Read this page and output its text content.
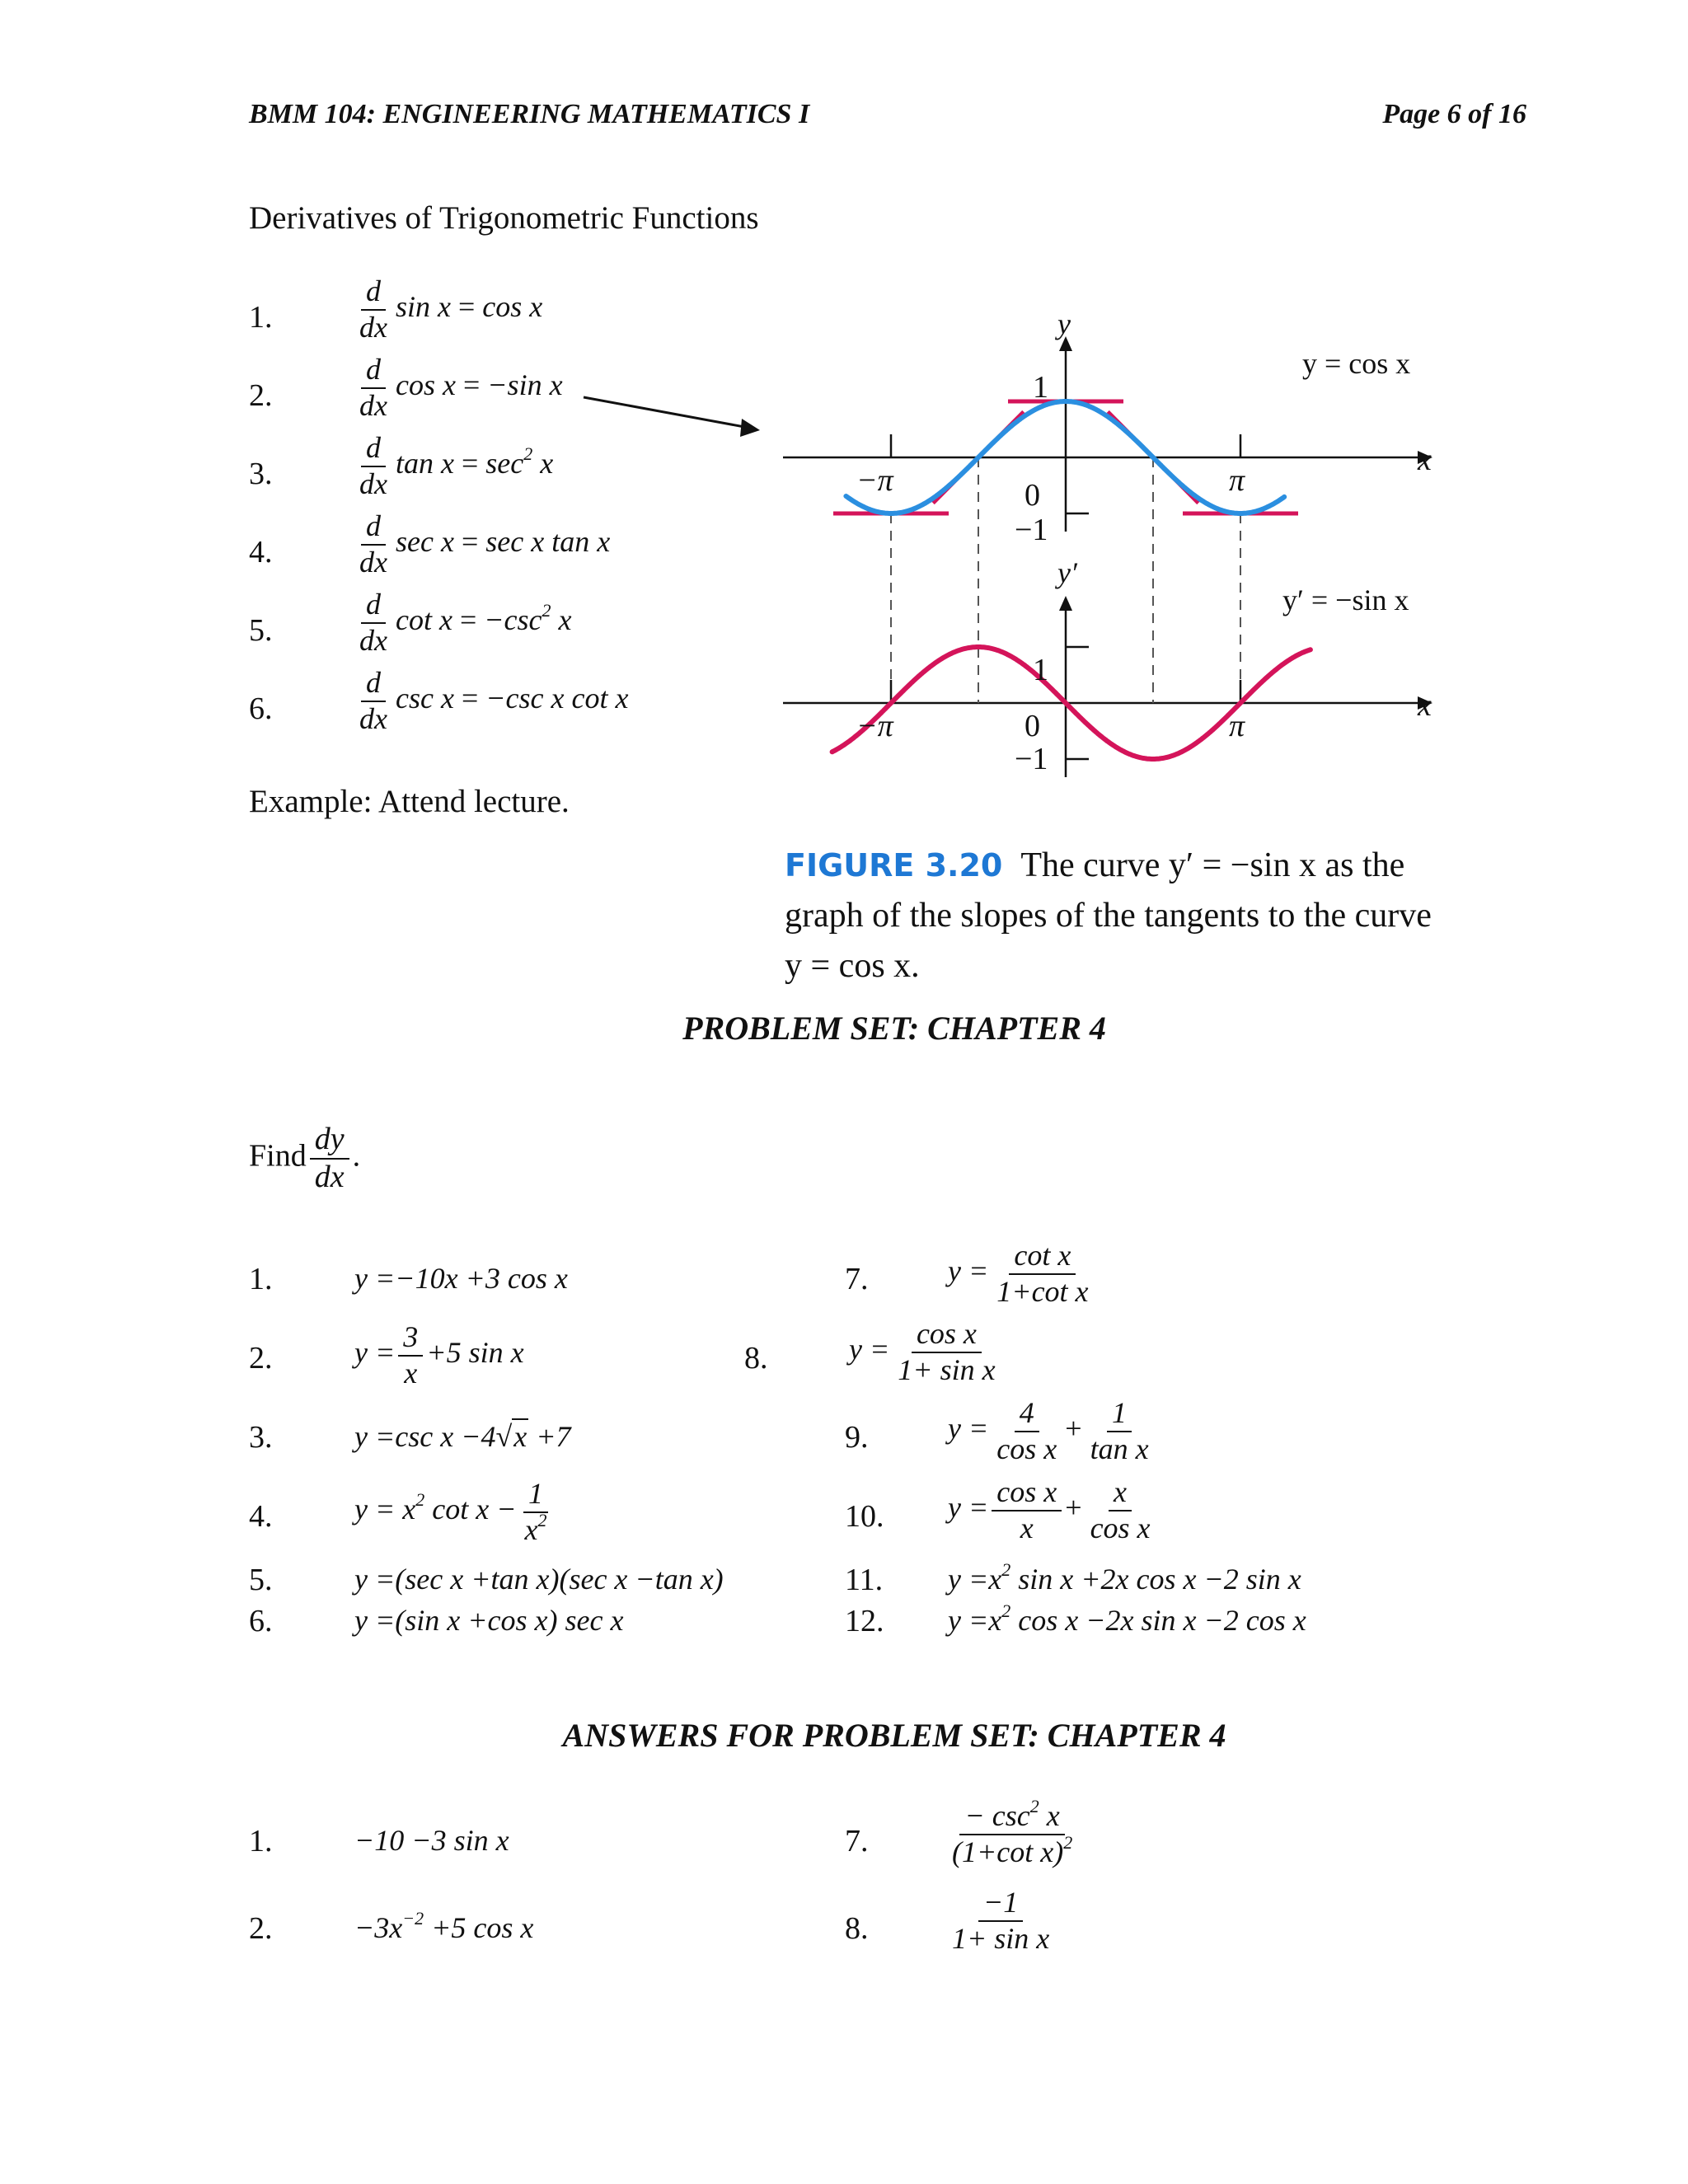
BMM 104: ENGINEERING MATHEMATICS I	Page 6 of 16
Derivatives of Trigonometric Functions
1.	$\frac{d}{dx}$ sin x = cos x
2.	$\frac{d}{dx}$ cos x = −sin x
3.	$\frac{d}{dx}$ $\tan x = \sec^2 x$
4.	$\frac{d}{dx}$ sec x = sec x tan x
5.	$\frac{d}{dx}$ $\cot x = -\csc^2$ x
6.	$\frac{d}{dx}$ csc x = −csc x cot x
Example: Attend lecture.
y
1
0
−1
−π	π
y = cos x
x
y′
1
0
−1
−π	π
y′ = −sin x
x
FIGURE 3.20 The curve y′ = −sin x as the graph of the slopes of the tangents to the curve y = cos x.
PROBLEM SET: CHAPTER 4
Find $\frac{dy}{dx}$ .
1.	y =−10x +3 cos x
2.	$y = \frac{3}{x} +5$ sin x
3.	y =csc x −4√x +7
4.	$y = x^2$ $\cot x - \frac{1}{x^2}$
5.	y =(sec x +tan x)(sec x −tan x)
6.	y =(sin x +cos x) sec x
7.	$y = \frac{\text{cot x}}{\text{1+cot x}}$
8.	$y = \frac{\text{cos x}}{\text{1+ sin x}}$
9.	$y = \frac{4}{\text{cos x}} + \frac{1}{\text{tan x}}$
10. $y = \frac{\text{cos x}}{x} + \frac{x}{\text{cos x}}$
11. $y =x^2$ sin x +2x cos x −2 sin x
12. $y =x^2$ cos x −2x sin x −2 cos x
ANSWERS FOR PROBLEM SET: CHAPTER 4
1.	−10 −3 sin x
2.	$-3x^{-2} +5$ cos x
7.	$\frac{- \csc^2 x}{(1+\cot x)^2}$
8.	$\frac{-1}{\text{1+ sin x}}$
